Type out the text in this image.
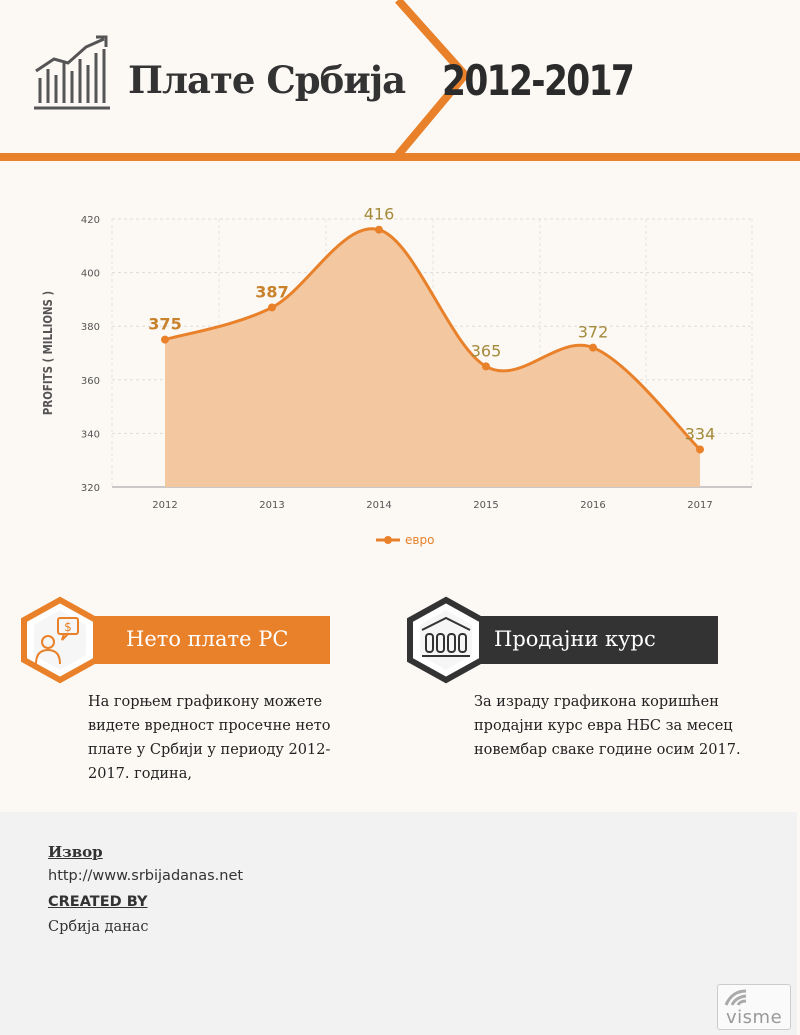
Плате Србија 2012-2017
375
387
416
365
372
334
320
340
360
380
400
420
2012	2013	2014	2015	2016	2017
PROFITS ( MILLIONS )
евро
$	Нето плате РС
На горњем графикону можете
видете вредност просечне нето
плате у Србији у периоду 2012-
2017. година,
Продајни курс
За израду графикона коришћен
продајни курс евра НБС за месец
новембар сваке године осим 2017.
Извор
http://www.srbijadanas.net
CREATED BY
Србија данас
visme
